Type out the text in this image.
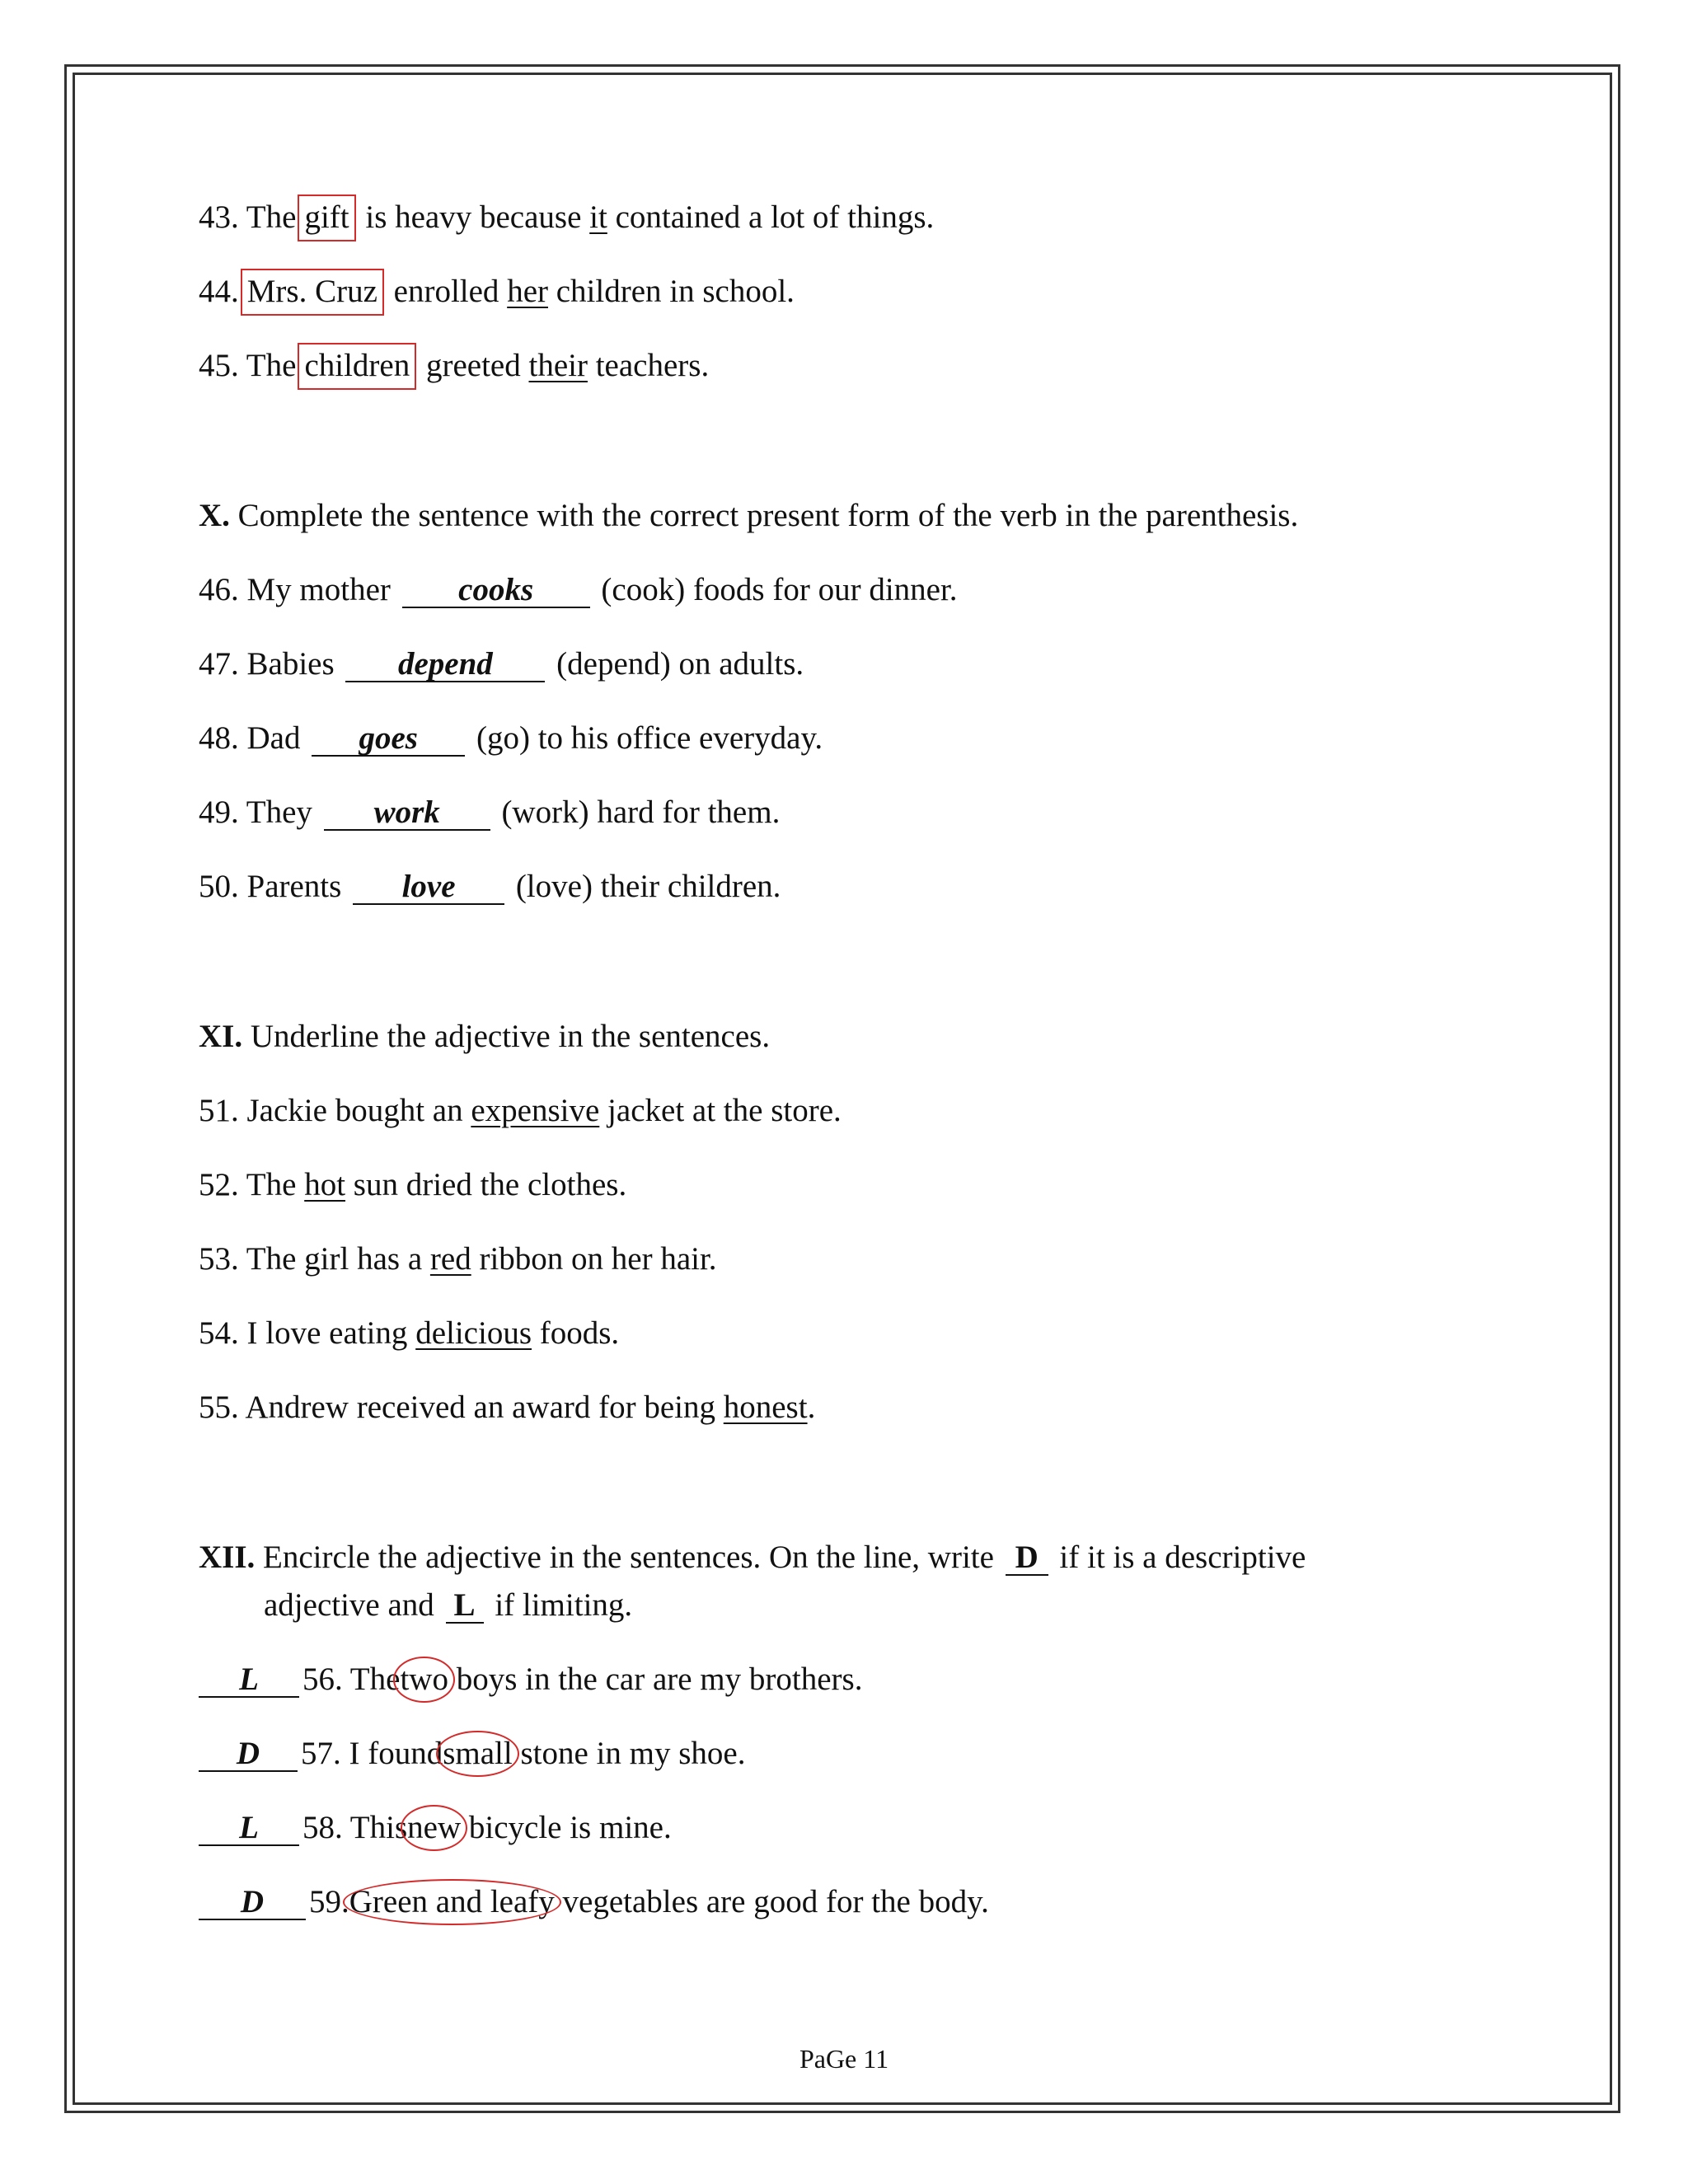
43. The gift is heavy because it contained a lot of things.
44. Mrs. Cruz enrolled her children in school.
45. The children greeted their teachers.
X. Complete the sentence with the correct present form of the verb in the parenthesis.
46. My mother cooks (cook) foods for our dinner.
47. Babies depend (depend) on adults.
48. Dad goes (go) to his office everyday.
49. They work (work) hard for them.
50. Parents love (love) their children.
XI. Underline the adjective in the sentences.
51. Jackie bought an expensive jacket at the store.
52. The hot sun dried the clothes.
53. The girl has a red ribbon on her hair.
54. I love eating delicious foods.
55. Andrew received an award for being honest.
XII. Encircle the adjective in the sentences. On the line, write D if it is a descriptive
adjective and L if limiting.
L 56. Thetwo boys in the car are my brothers.
D 57. I foundsmall stone in my shoe.
L 58. Thisnew bicycle is mine.
D 59.Green and leafy vegetables are good for the body.
PaGe 11
